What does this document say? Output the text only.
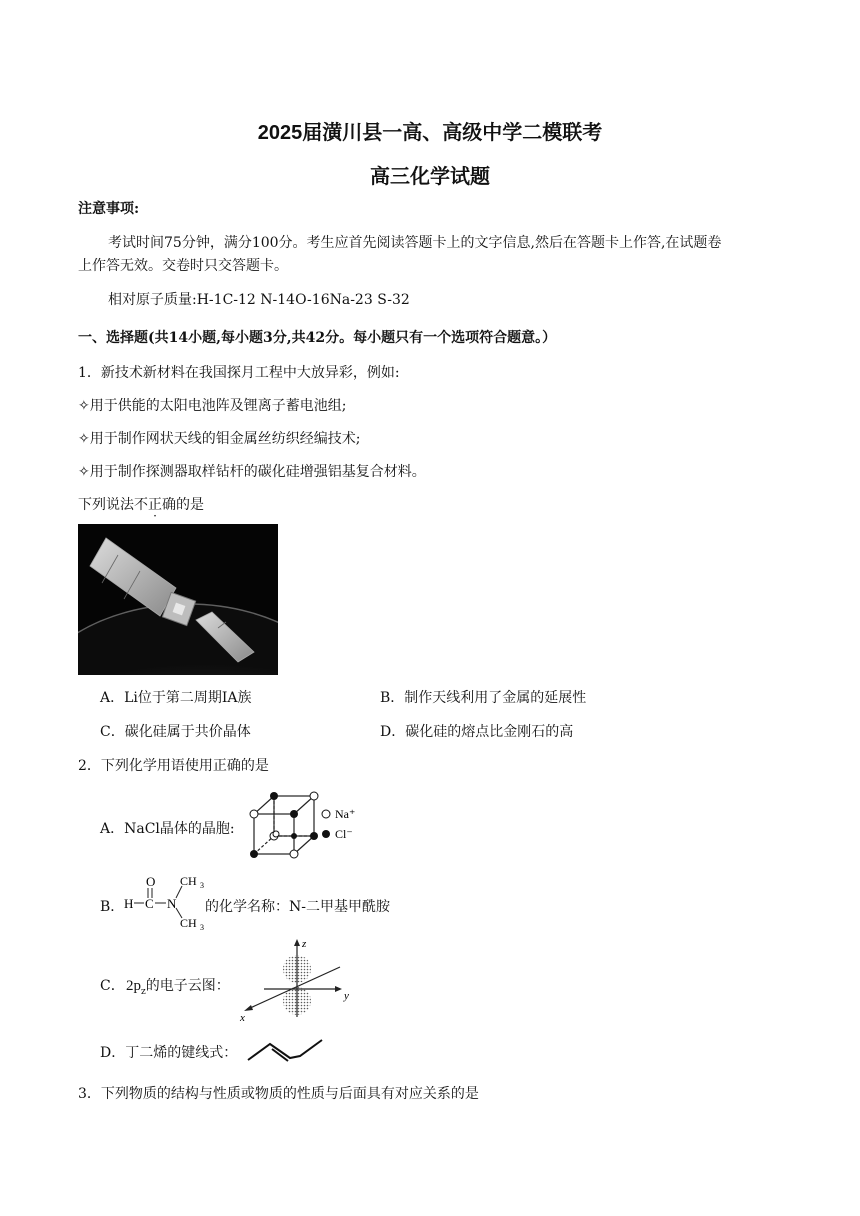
2025届潢川县一高、高级中学二模联考
高三化学试题
注意事项:
考试时间75分钟，满分100分。考生应首先阅读答题卡上的文字信息,然后在答题卡上作答,在试题卷
上作答无效。交卷时只交答题卡。
相对原子质量:H-1C-12 N-14O-16Na-23 S-32
一、选择题(共14小题,每小题3分,共42分。每小题只有一个选项符合题意。）
1．新技术新材料在我国探月工程中大放异彩，例如:
✧用于供能的太阳电池阵及锂离子蓄电池组;
✧用于制作网状天线的钼金属丝纺织经编技术;
✧用于制作探测器取样钻杆的碳化硅增强铝基复合材料。
下列说法不正确的是
A．Li位于第二周期IA族	B．制作天线利用了金属的延展性
C．碳化硅属于共价晶体	D．碳化硅的熔点比金刚石的高
2．下列化学用语使用正确的是
A．NaCl晶体的晶胞:
Na⁺
Cl⁻
B．
O
H C N
CH 3
CH 3
的化学名称：N-二甲基甲酰胺
C． $2p_z$的电子云图：
z
y
x
D．丁二烯的键线式：
3．下列物质的结构与性质或物质的性质与后面具有对应关系的是
